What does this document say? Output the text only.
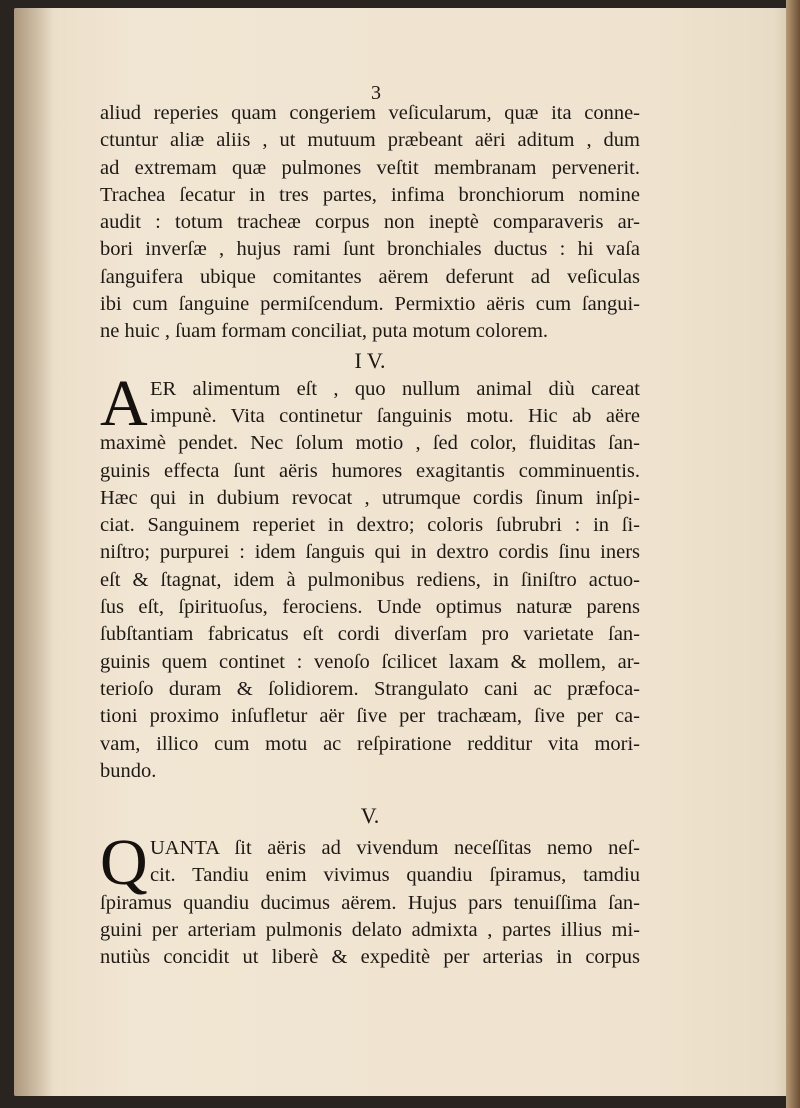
3
aliud reperies quam congeriem veſicularum, quæ ita conne-
ctuntur aliæ aliis , ut mutuum præbeant aëri aditum , dum
ad extremam quæ pulmones veſtit membranam pervenerit.
Trachea ſecatur in tres partes, infima bronchiorum nomine
audit : totum tracheæ corpus non ineptè comparaveris ar-
bori inverſæ , hujus rami ſunt bronchiales ductus : hi vaſa
ſanguifera ubique comitantes aërem deferunt ad veſiculas
ibi cum ſanguine permiſcendum. Permixtio aëris cum ſangui-
ne huic , ſuam formam conciliat, puta motum colorem.
I V.
A ER alimentum eſt , quo nullum animal diù careat
impunè. Vita continetur ſanguinis motu. Hic ab aëre
maximè pendet. Nec ſolum motio , ſed color, fluiditas ſan-
guinis effecta ſunt aëris humores exagitantis comminuentis.
Hæc qui in dubium revocat , utrumque cordis ſinum inſpi-
ciat. Sanguinem reperiet in dextro; coloris ſubrubri : in ſi-
niſtro; purpurei : idem ſanguis qui in dextro cordis ſinu iners
eſt & ſtagnat, idem à pulmonibus rediens, in ſiniſtro actuo-
ſus eſt, ſpirituoſus, ferociens. Unde optimus naturæ parens
ſubſtantiam fabricatus eſt cordi diverſam pro varietate ſan-
guinis quem continet : venoſo ſcilicet laxam & mollem, ar-
terioſo duram & ſolidiorem. Strangulato cani ac præfoca-
tioni proximo inſufletur aër ſive per trachæam, ſive per ca-
vam, illico cum motu ac reſpiratione redditur vita mori-
bundo.
V.
Q UANTA ſit aëris ad vivendum neceſſitas nemo neſ-
cit. Tandiu enim vivimus quandiu ſpiramus, tamdiu
ſpiramus quandiu ducimus aërem. Hujus pars tenuiſſima ſan-
guini per arteriam pulmonis delato admixta , partes illius mi-
nutiùs concidit ut liberè & expeditè per arterias in corpus
